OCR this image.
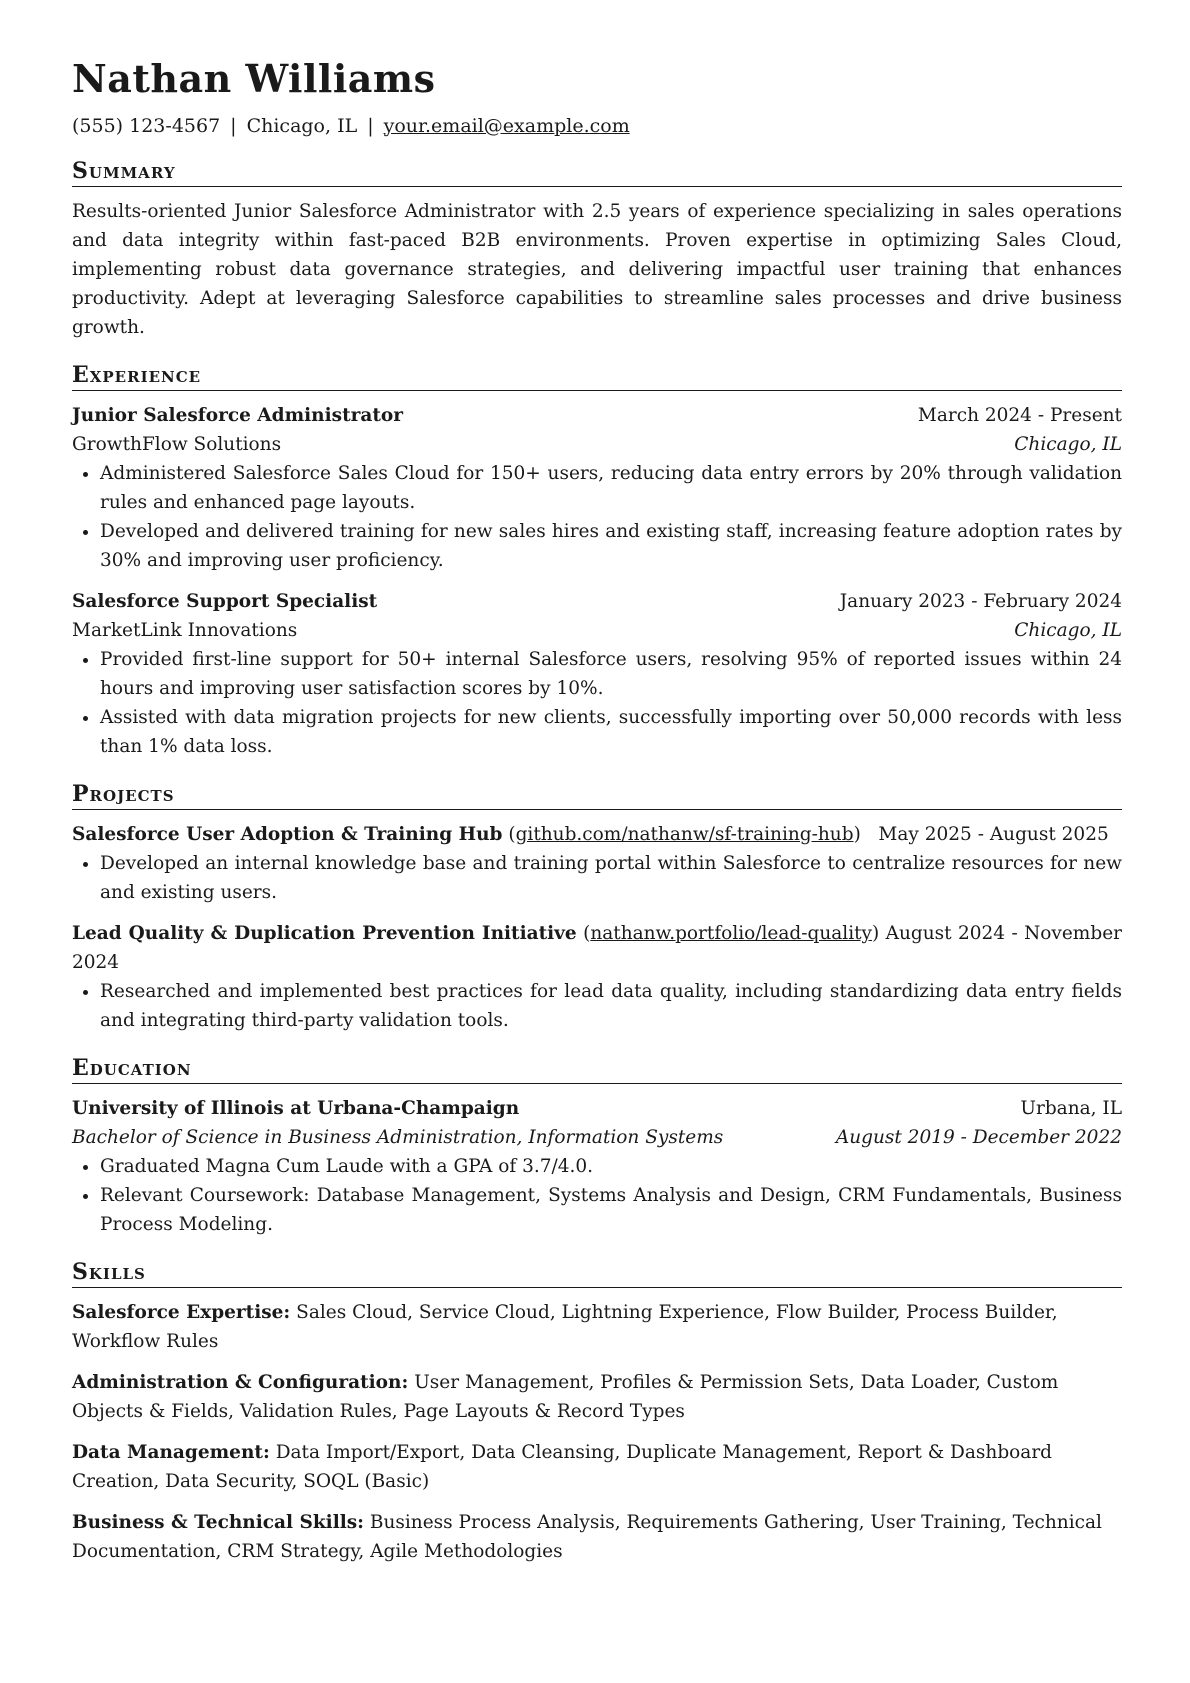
Nathan Williams
(555) 123-4567 | Chicago, IL | your.email@example.com
Summary

Results-oriented Junior Salesforce Administrator with 2.5 years of experience specializing in sales operations and data integrity within fast-paced B2B environments. Proven expertise in optimizing Sales Cloud, implementing robust data governance strategies, and delivering impactful user training that enhances productivity. Adept at leveraging Salesforce capabilities to streamline sales processes and drive business growth.

Experience
Junior Salesforce Administrator	March 2024 - Present
GrowthFlow Solutions	Chicago, IL
• Administered Salesforce Sales Cloud for 150+ users, reducing data entry errors by 20% through validation rules and enhanced page layouts.
• Developed and delivered training for new sales hires and existing staff, increasing feature adoption rates by 30% and improving user proficiency.
Salesforce Support Specialist	January 2023 - February 2024
MarketLink Innovations	Chicago, IL
• Provided first-line support for 50+ internal Salesforce users, resolving 95% of reported issues within 24 hours and improving user satisfaction scores by 10%.
• Assisted with data migration projects for new clients, successfully importing over 50,000 records with less than 1% data loss.
Projects
Salesforce User Adoption & Training Hub (github.com/nathanw/sf-training-hub)   May 2025 - August 2025
• Developed an internal knowledge base and training portal within Salesforce to centralize resources for new and existing users.
Lead Quality & Duplication Prevention Initiative (nathanw.portfolio/lead-quality) August 2024 - November 2024
• Researched and implemented best practices for lead data quality, including standardizing data entry fields and integrating third-party validation tools.
Education
University of Illinois at Urbana-Champaign	Urbana, IL
Bachelor of Science in Business Administration, Information Systems	August 2019 - December 2022
• Graduated Magna Cum Laude with a GPA of 3.7/4.0.
• Relevant Coursework: Database Management, Systems Analysis and Design, CRM Fundamentals, Business Process Modeling.
Skills

Salesforce Expertise: Sales Cloud, Service Cloud, Lightning Experience, Flow Builder, Process Builder, Workflow Rules

Administration & Configuration: User Management, Profiles & Permission Sets, Data Loader, Custom Objects & Fields, Validation Rules, Page Layouts & Record Types

Data Management: Data Import/Export, Data Cleansing, Duplicate Management, Report & Dashboard Creation, Data Security, SOQL (Basic)

Business & Technical Skills: Business Process Analysis, Requirements Gathering, User Training, Technical Documentation, CRM Strategy, Agile Methodologies
